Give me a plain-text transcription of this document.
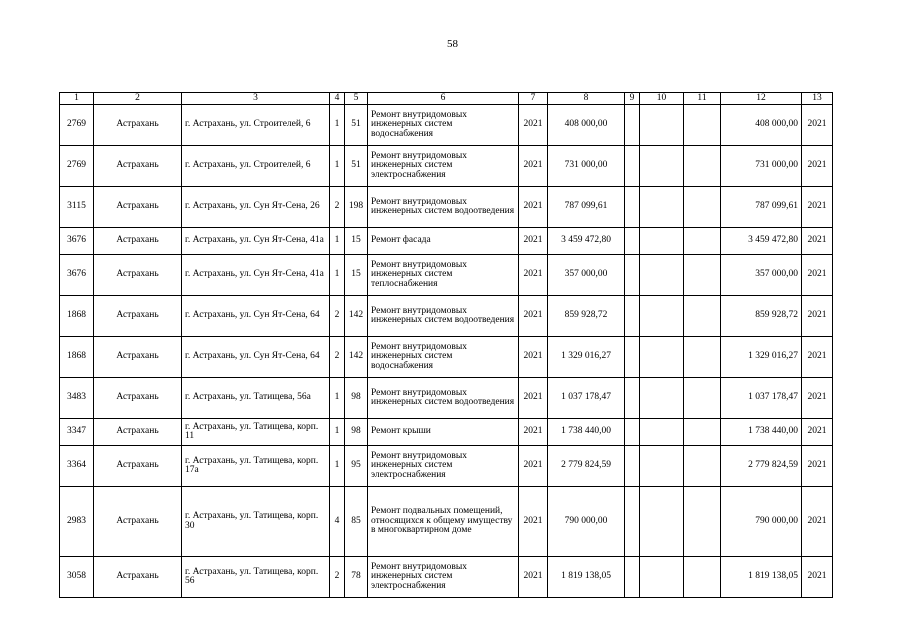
58
1	2	3	4	5	6	7	8	9	10	11	12	13
2769	Астрахань	г. Астрахань, ул. Строителей, 6	1	51	Ремонт внутридомовых инженерных систем водоснабжения	2021	408 000,00				408 000,00	2021
2769	Астрахань	г. Астрахань, ул. Строителей, 6	1	51	Ремонт внутридомовых инженерных систем электроснабжения	2021	731 000,00				731 000,00	2021
3115	Астрахань	г. Астрахань, ул. Сун Ят-Сена, 26	2	198	Ремонт внутридомовых инженерных систем водоотведения	2021	787 099,61				787 099,61	2021
3676	Астрахань	г. Астрахань, ул. Сун Ят-Сена, 41а	1	15	Ремонт фасада	2021	3 459 472,80				3 459 472,80	2021
3676	Астрахань	г. Астрахань, ул. Сун Ят-Сена, 41а	1	15	Ремонт внутридомовых инженерных систем теплоснабжения	2021	357 000,00				357 000,00	2021
1868	Астрахань	г. Астрахань, ул. Сун Ят-Сена, 64	2	142	Ремонт внутридомовых инженерных систем водоотведения	2021	859 928,72				859 928,72	2021
1868	Астрахань	г. Астрахань, ул. Сун Ят-Сена, 64	2	142	Ремонт внутридомовых инженерных систем водоснабжения	2021	1 329 016,27				1 329 016,27	2021
3483	Астрахань	г. Астрахань, ул. Татищева, 56а	1	98	Ремонт внутридомовых инженерных систем водоотведения	2021	1 037 178,47				1 037 178,47	2021
3347	Астрахань	г. Астрахань, ул. Татищева, корп. 11	1	98	Ремонт крыши	2021	1 738 440,00				1 738 440,00	2021
3364	Астрахань	г. Астрахань, ул. Татищева, корп. 17а	1	95	Ремонт внутридомовых инженерных систем электроснабжения	2021	2 779 824,59				2 779 824,59	2021
2983	Астрахань	г. Астрахань, ул. Татищева, корп. 30	4	85	Ремонт подвальных помещений, относящихся к общему имуществу в многоквартирном доме	2021	790 000,00				790 000,00	2021
3058	Астрахань	г. Астрахань, ул. Татищева, корп. 56	2	78	Ремонт внутридомовых инженерных систем электроснабжения	2021	1 819 138,05				1 819 138,05	2021
